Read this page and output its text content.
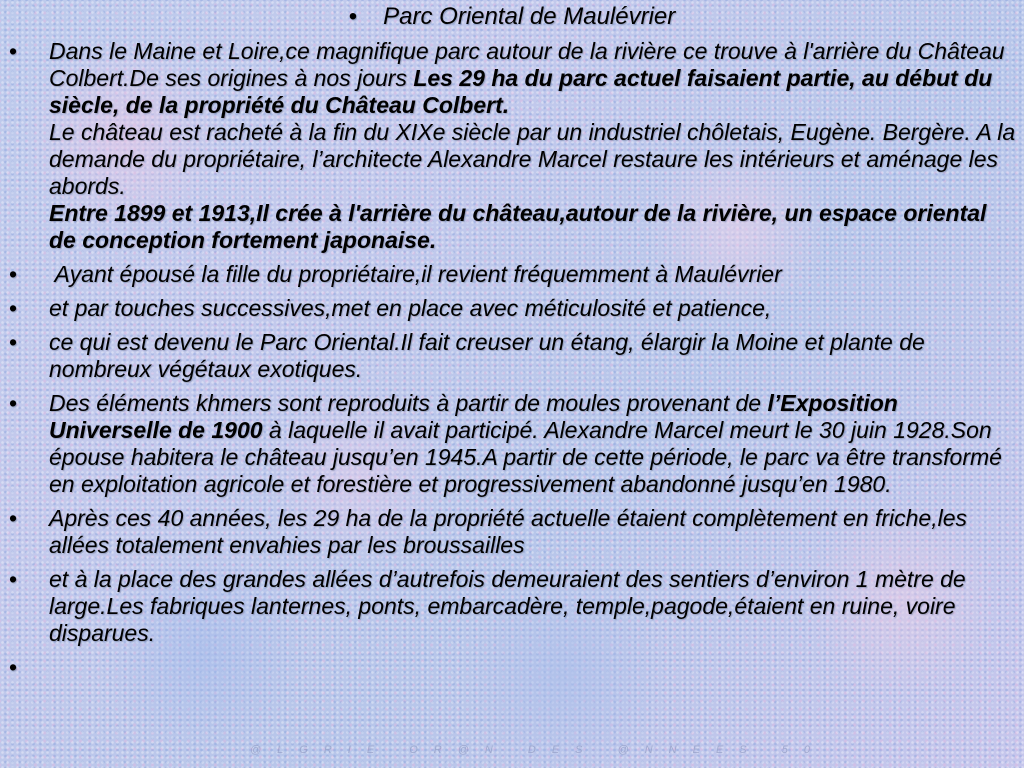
• Parc Oriental de Maulévrier
• Dans le Maine et Loire,ce magnifique parc autour de la rivière ce trouve à l'arrière du Château Colbert.De ses origines à nos jours Les 29 ha du parc actuel faisaient partie, au début du siècle, de la propriété du Château Colbert.
Le château est racheté à la fin du XIXe siècle par un industriel chôletais, Eugène. Bergère. A la demande du propriétaire, l’architecte Alexandre Marcel restaure les intérieurs et aménage les abords.
Entre 1899 et 1913,Il crée à l'arrière du château,autour de la rivière, un espace oriental de conception fortement japonaise.
• Ayant épousé la fille du propriétaire,il revient fréquemment à Maulévrier
• et par touches successives,met en place avec méticulosité et patience,
• ce qui est devenu le Parc Oriental.Il fait creuser un étang, élargir la Moine et plante de nombreux végétaux exotiques.
• Des éléments khmers sont reproduits à partir de moules provenant de l’Exposition Universelle de 1900 à laquelle il avait participé. Alexandre Marcel meurt le 30 juin 1928.Son épouse habitera le château jusqu’en 1945.A partir de cette période, le parc va être transformé en exploitation agricole et forestière et progressivement abandonné jusqu’en 1980.
• Après ces 40 années, les 29 ha de la propriété actuelle étaient complètement en friche,les allées totalement envahies par les broussailles
• et à la place des grandes allées d’autrefois demeuraient des sentiers d’environ 1 mètre de large.Les fabriques lanternes, ponts, embarcadère, temple,pagode,étaient en ruine, voire disparues.
•

@LGRIE OR@N DES @NNEES 50
